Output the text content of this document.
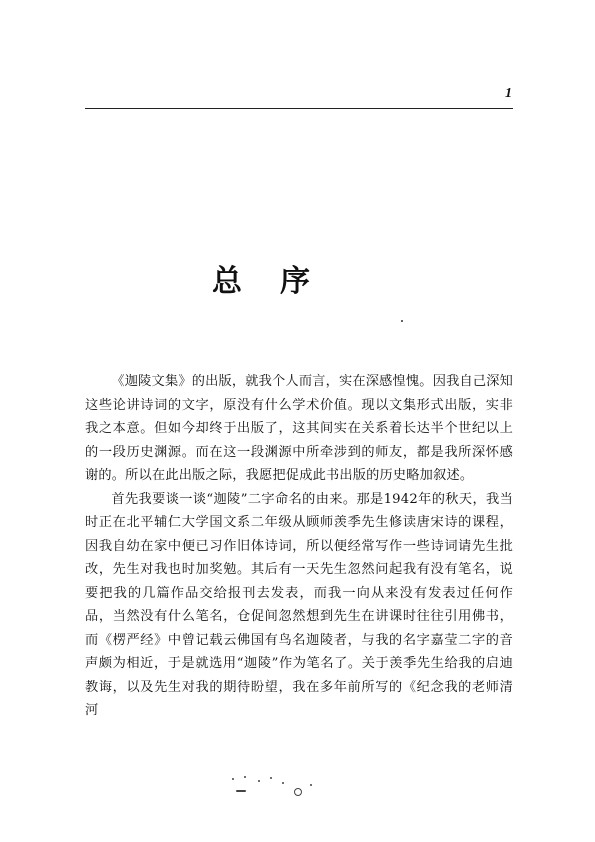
1
总序

《迦陵文集》的出版，就我个人而言，实在深感惶愧。因我自己深知这些论讲诗词的文字，原没有什么学术价值。现以文集形式出版，实非我之本意。但如今却终于出版了，这其间实在关系着长达半个世纪以上的一段历史渊源。而在这一段渊源中所牵涉到的师友，都是我所深怀感谢的。所以在此出版之际，我愿把促成此书出版的历史略加叙述。

首先我要谈一谈“迦陵”二字命名的由来。那是1942年的秋天，我当时正在北平辅仁大学国文系二年级从顾师羡季先生修读唐宋诗的课程，因我自幼在家中便已习作旧体诗词，所以便经常写作一些诗词请先生批改，先生对我也时加奖勉。其后有一天先生忽然问起我有没有笔名，说要把我的几篇作品交给报刊去发表，而我一向从来没有发表过任何作品，当然没有什么笔名，仓促间忽然想到先生在讲课时往往引用佛书，而《楞严经》中曾记载云佛国有鸟名迦陵者，与我的名字嘉莹二字的音声颇为相近，于是就选用“迦陵”作为笔名了。关于羡季先生给我的启迪教诲，以及先生对我的期待盼望，我在多年前所写的《纪念我的老师清河
